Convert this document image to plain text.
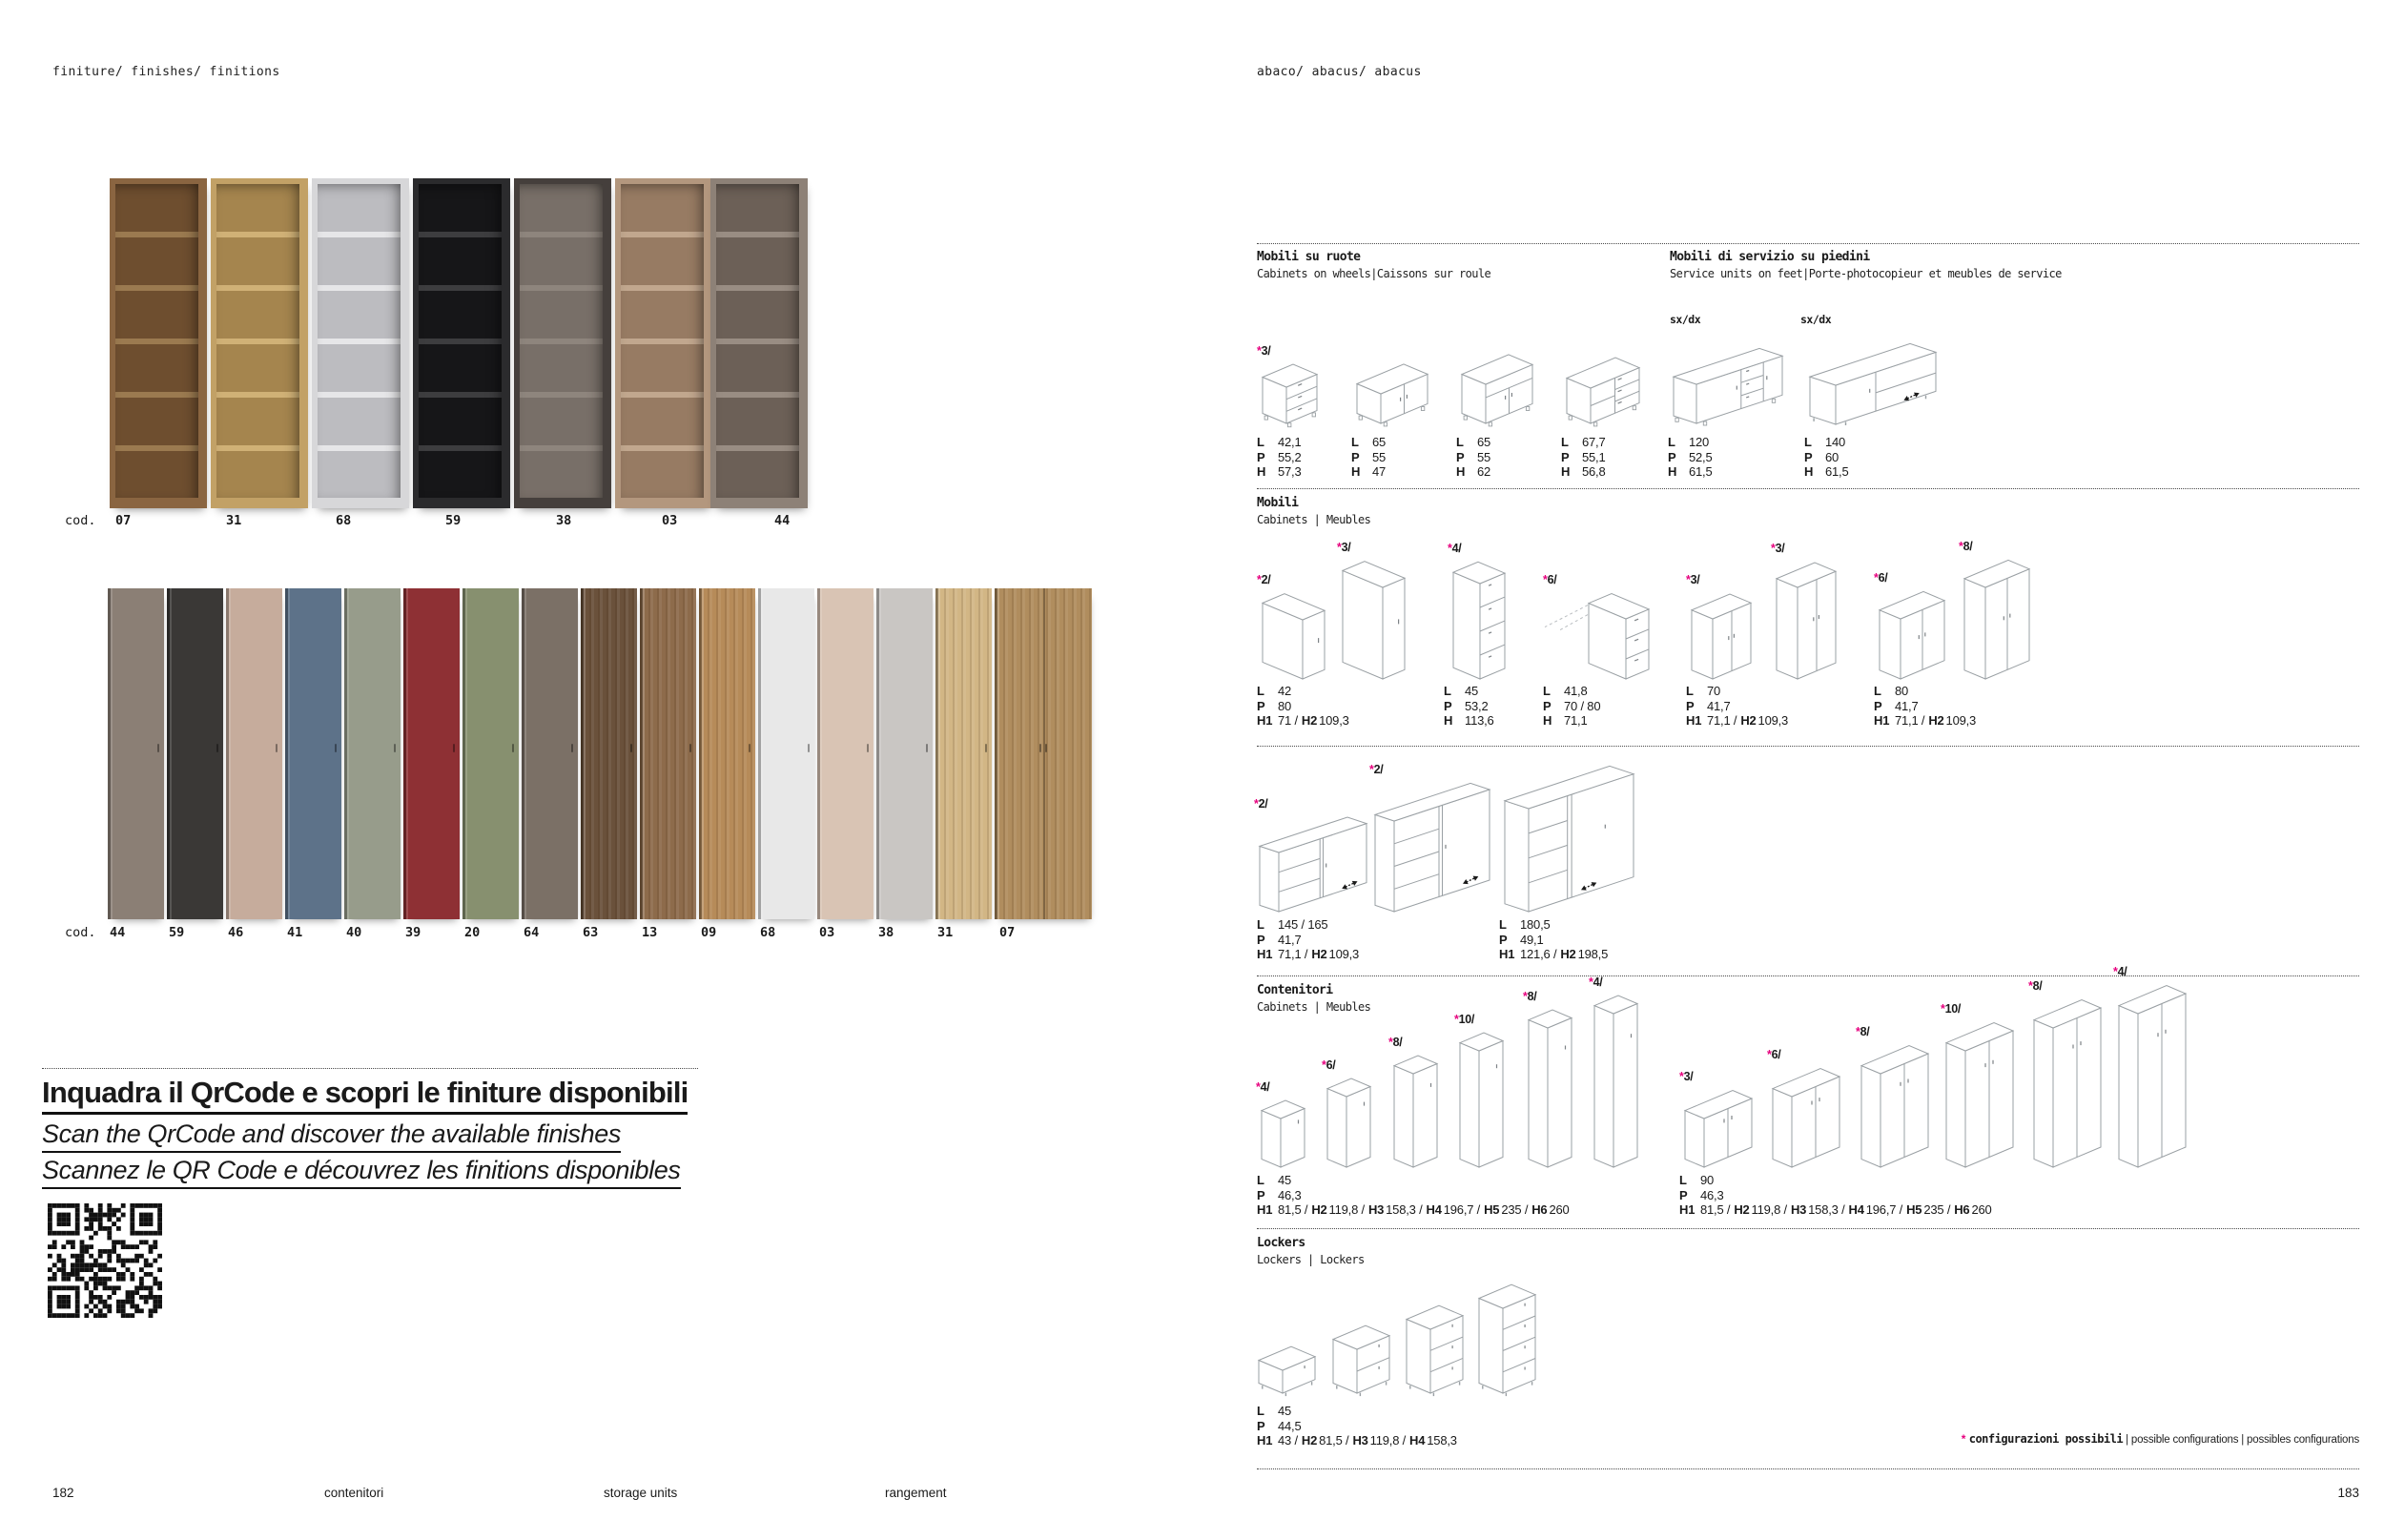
finiture/ finishes/ finitions
cod. 07	31	68	59	38	03	44
cod. 44	59	46	41	40	39	20	64	63	13	09	68	03	38	31	07
Inquadra il QrCode e scopri le finiture disponibili
Scan the QrCode and discover the available finishes
Scannez le QR Code e découvrez les finitions disponibles
182	contenitori	storage units	rangement
abaco/ abacus/ abacus
Mobili su ruote
Cabinets on wheels|Caissons sur roule
Mobili di servizio su piedini
Service units on feet|Porte-photocopieur et meubles de service
sx/dx	sx/dx
*3/
L 42,1
P 55,2
H 57,3
L 65
P 55
H 47
L 65
P 55
H 62
L 67,7
P 55,1
H 56,8
L 120
P 52,5
H 61,5
L 140
P 60
H 61,5
Mobili
Cabinets | Meubles
*2/
*3/	*4/
*6/	*3/
*3/
*6/
*8/
L 42
P 80
H1 71 / H2 109,3
L 45
P 53,2
H 113,6
L 41,8
P 70 / 80
H 71,1
L 70
P 41,7
H1 71,1 / H2 109,3
L 80
P 41,7
H1 71,1 / H2 109,3
*2/
*2/
L 145 / 165
P 41,7
H1 71,1 / H2 109,3
L 180,5
P 49,1
H1 121,6 / H2 198,5
Contenitori
Cabinets | Meubles
*4/
*6/
*8/
*10/
*8/
*4/
*3/
*6/
*8/
*10/
*8/
*4/
L 45
P 46,3
H1 81,5 / H2 119,8 / H3 158,3 / H4 196,7 / H5 235 / H6 260
L 90
P 46,3
H1 81,5 / H2 119,8 / H3 158,3 / H4 196,7 / H5 235 / H6 260
Lockers
Lockers | Lockers
L 45
P 44,5
H1 43 / H2 81,5 / H3 119,8 / H4 158,3	* configurazioni possibili | possible configurations | possibles configurations
183
